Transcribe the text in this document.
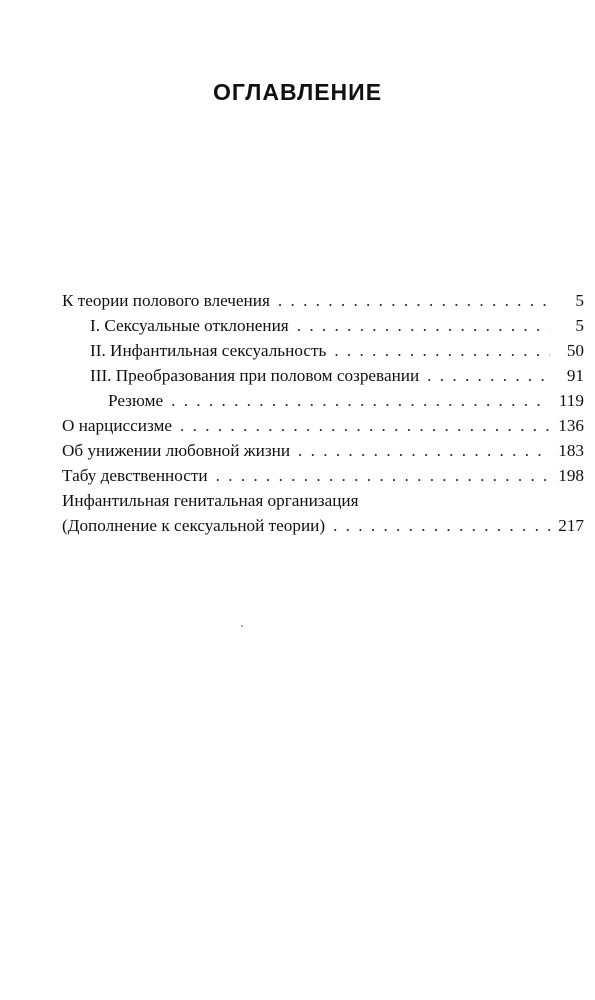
ОГЛАВЛЕНИЕ
К теории полового влечения . . .	5
I. Сексуальные отклонения . . .	5
II. Инфантильная сексуальность . . .	50
III. Преобразования при половом созревании . . .	91
Резюме . . .	119
О нарциссизме . . .	136
Об унижении любовной жизни . . .	183
Табу девственности . . .	198
Инфантильная генитальная организация
(Дополнение к сексуальной теории) . . .	217
